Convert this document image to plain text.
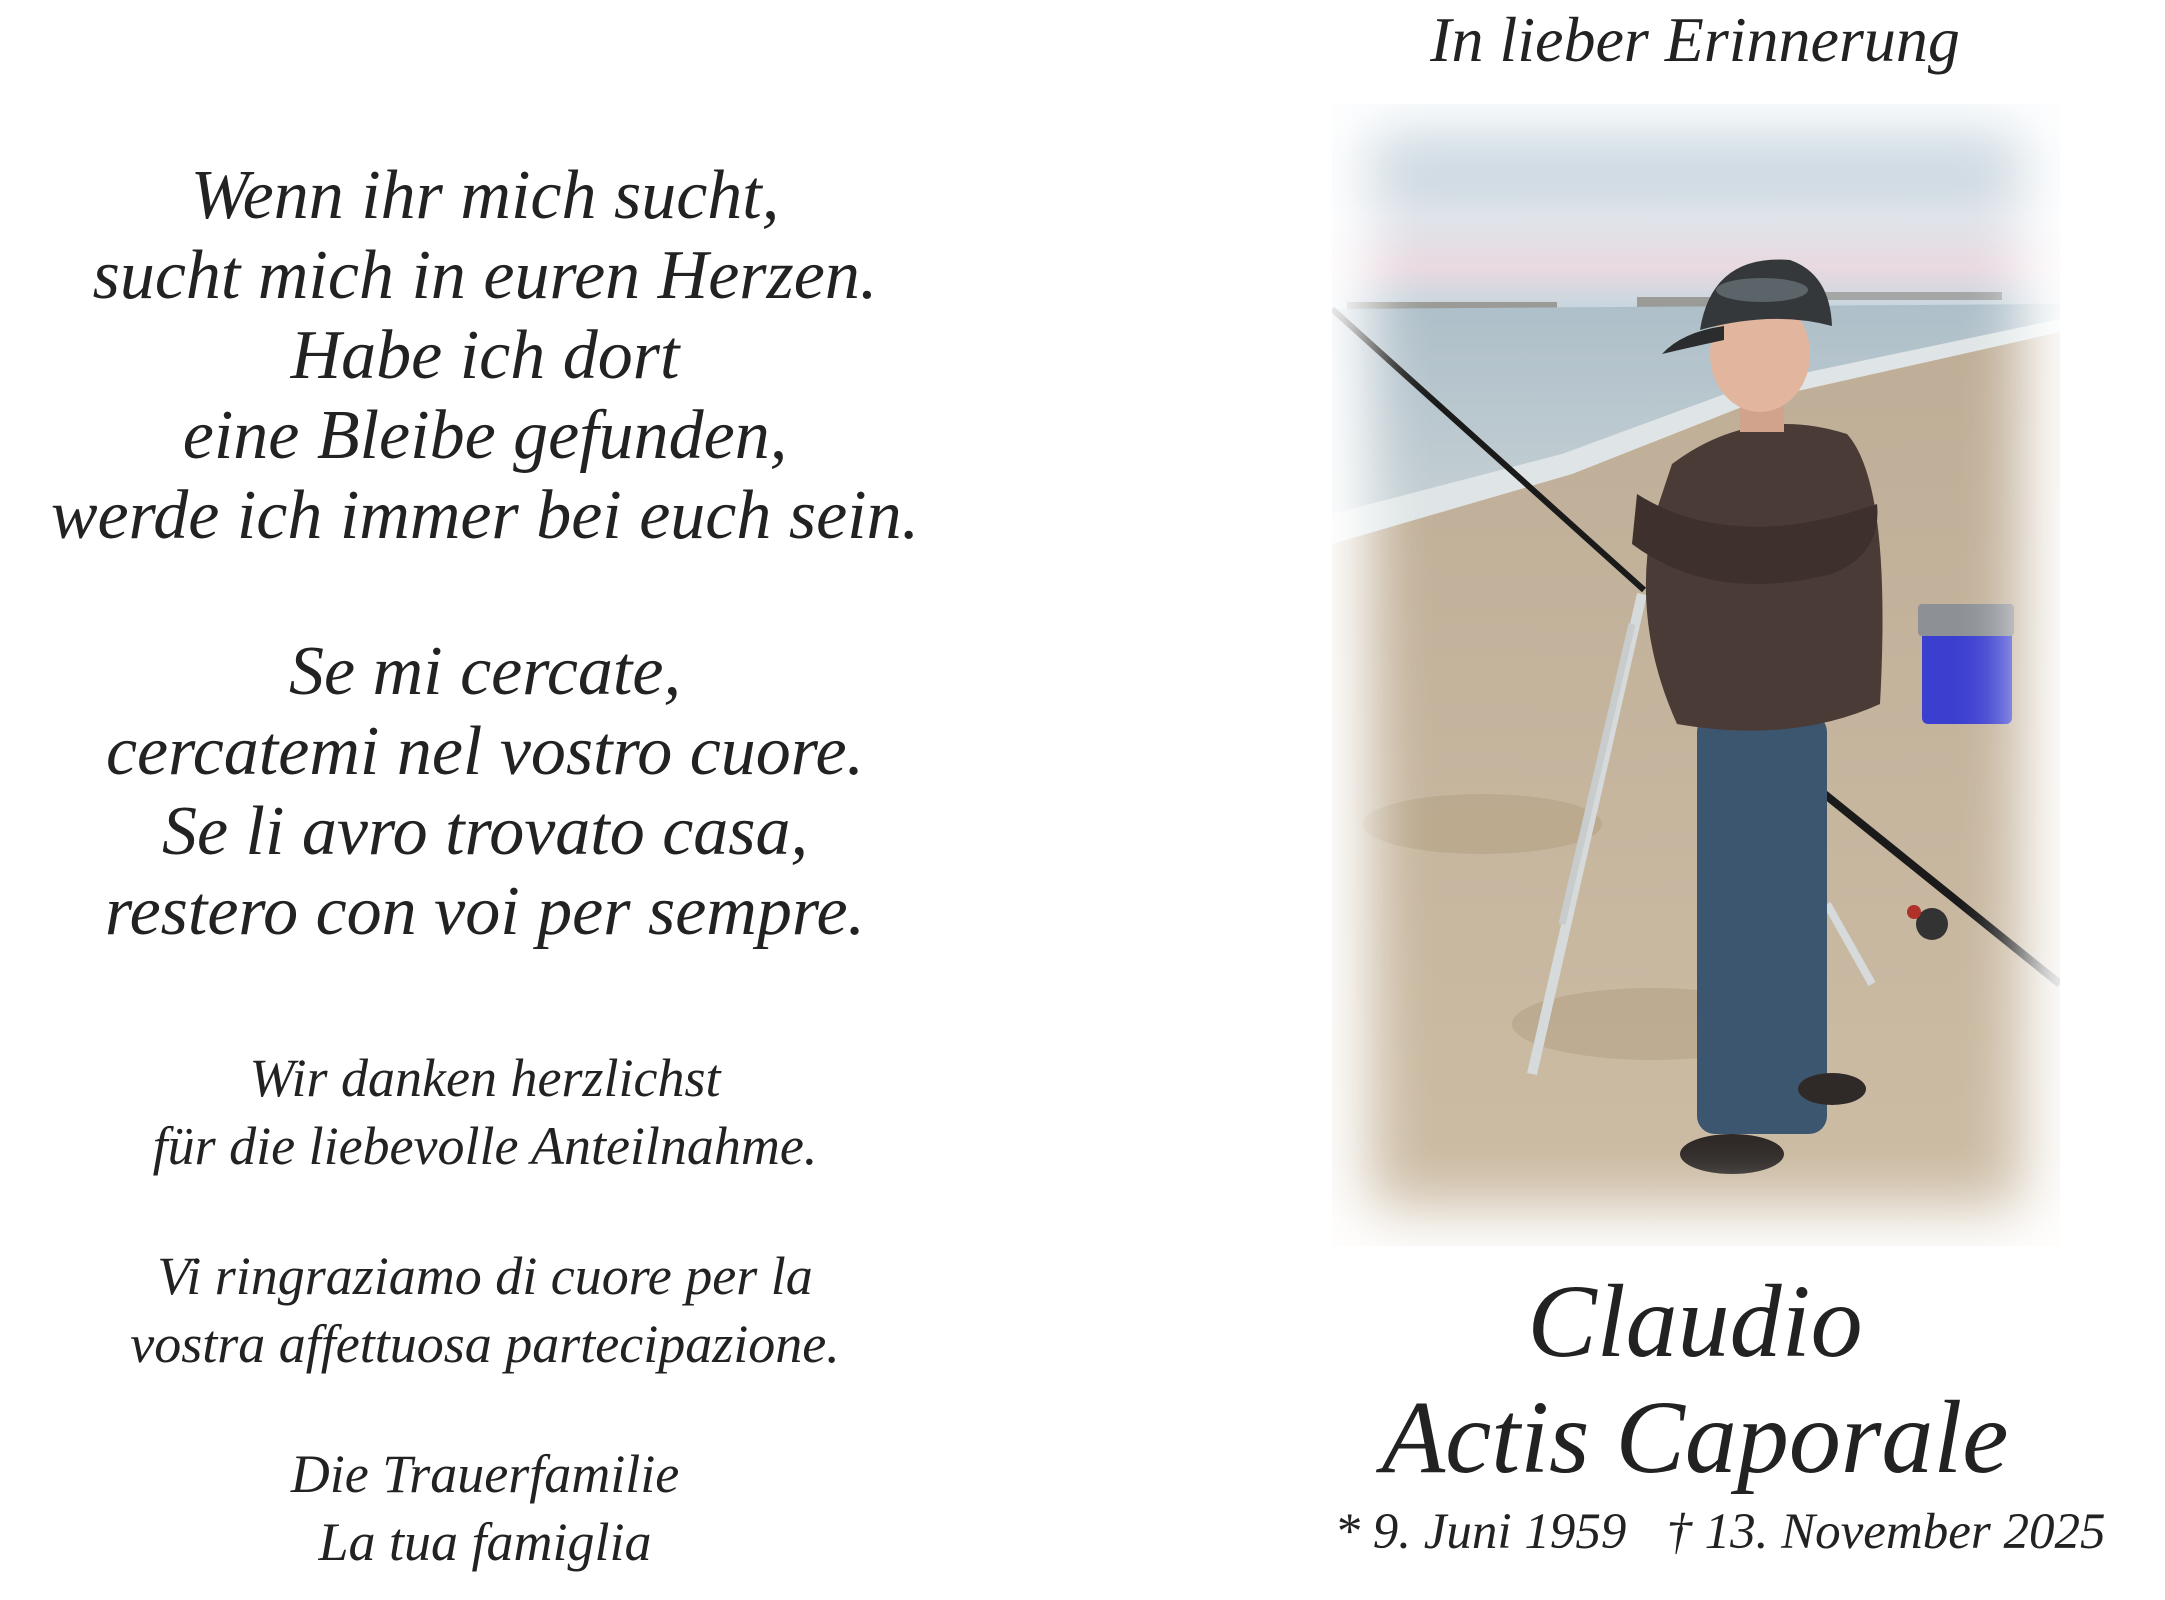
Wenn ihr mich sucht,
sucht mich in euren Herzen.
Habe ich dort
eine Bleibe gefunden,
werde ich immer bei euch sein.
Se mi cercate,
cercatemi nel vostro cuore.
Se li avro trovato casa,
restero con voi per sempre.
Wir danken herzlichst
für die liebevolle Anteilnahme.
Vi ringraziamo di cuore per la
vostra affettuosa partecipazione.
Die Trauerfamilie
La tua famiglia
In lieber Erinnerung
Claudio
Actis Caporale
* 9. Juni 1959 † 13. November 2025
